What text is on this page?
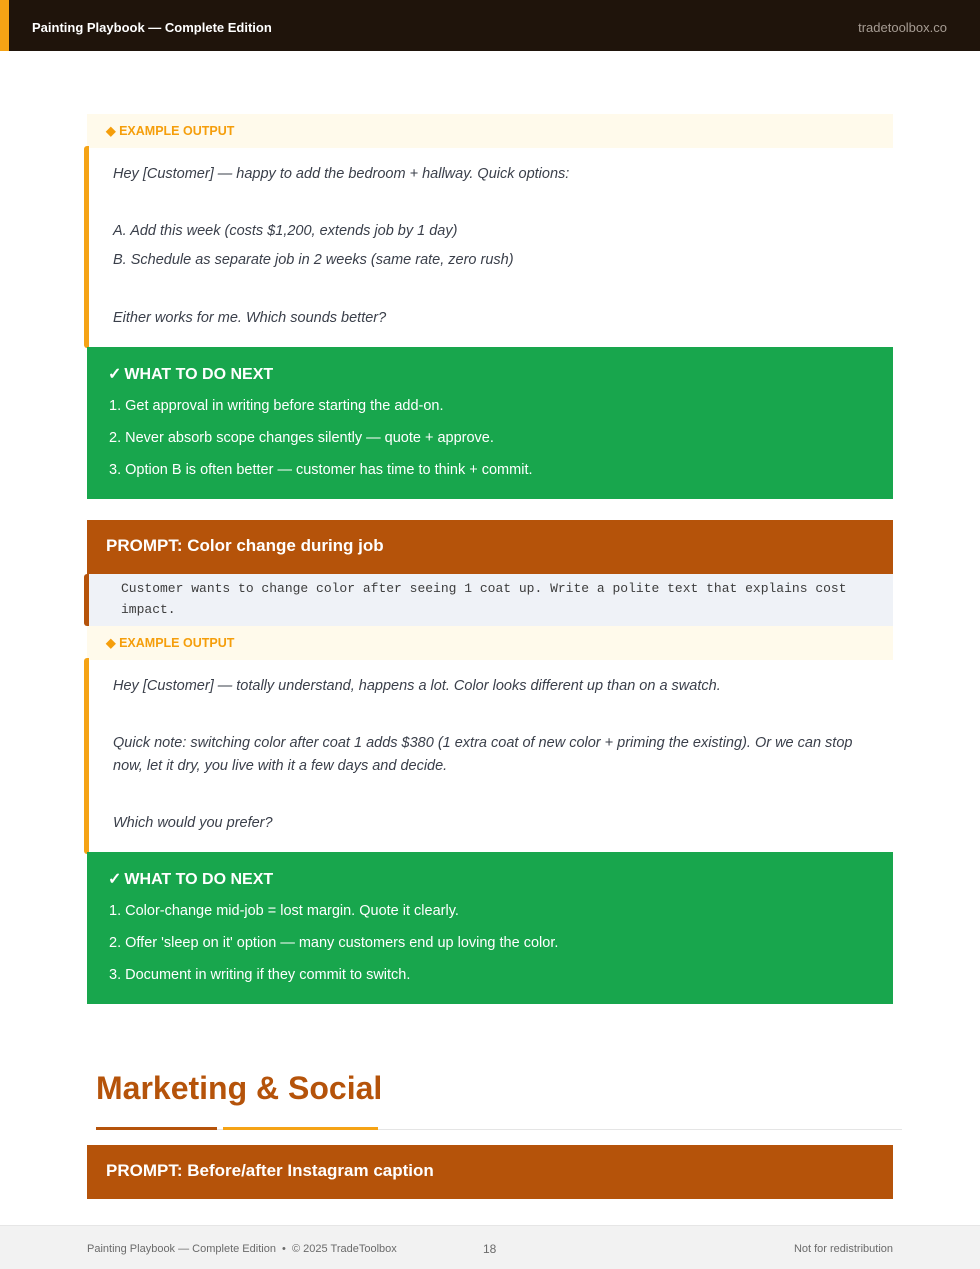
Painting Playbook — Complete Edition	tradetoolbox.co
◆ EXAMPLE OUTPUT

Hey [Customer] — happy to add the bedroom + hallway. Quick options:

A. Add this week (costs $1,200, extends job by 1 day)

B. Schedule as separate job in 2 weeks (same rate, zero rush)

Either works for me. Which sounds better?

✓ WHAT TO DO NEXT
1. Get approval in writing before starting the add-on.
2. Never absorb scope changes silently — quote + approve.
3. Option B is often better — customer has time to think + commit.
PROMPT: Color change during job
Customer wants to change color after seeing 1 coat up. Write a polite text that explains cost impact.
◆ EXAMPLE OUTPUT

Hey [Customer] — totally understand, happens a lot. Color looks different up than on a swatch.

Quick note: switching color after coat 1 adds $380 (1 extra coat of new color + priming the existing). Or we can stop now, let it dry, you live with it a few days and decide.

Which would you prefer?

✓ WHAT TO DO NEXT
1. Color-change mid-job = lost margin. Quote it clearly.
2. Offer 'sleep on it' option — many customers end up loving the color.
3. Document in writing if they commit to switch.
Marketing & Social
PROMPT: Before/after Instagram caption
Painting Playbook — Complete Edition  •  © 2025 TradeToolbox	18	Not for redistribution
